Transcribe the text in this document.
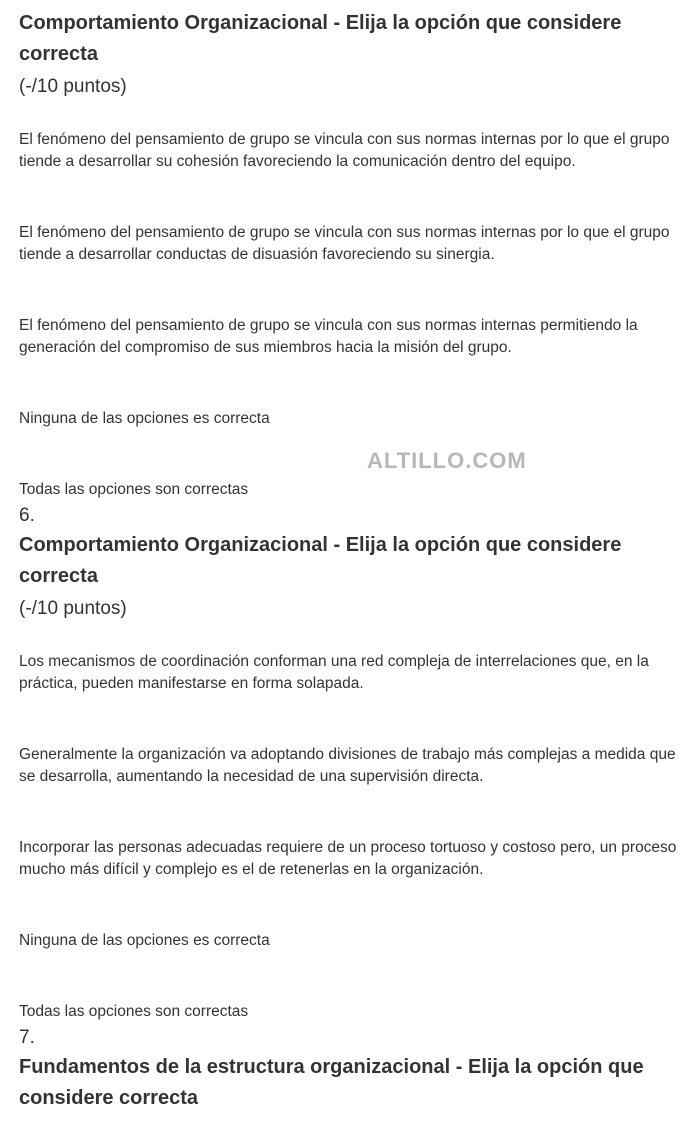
Comportamiento Organizacional - Elija la opción que considere correcta

(-/10 puntos)
El fenómeno del pensamiento de grupo se vincula con sus normas internas por lo que el grupo tiende a desarrollar su cohesión favoreciendo la comunicación dentro del equipo.
El fenómeno del pensamiento de grupo se vincula con sus normas internas por lo que el grupo tiende a desarrollar conductas de disuasión favoreciendo su sinergia.
El fenómeno del pensamiento de grupo se vincula con sus normas internas permitiendo la generación del compromiso de sus miembros hacia la misión del grupo.
Ninguna de las opciones es correcta
Todas las opciones son correctas
6.

Comportamiento Organizacional - Elija la opción que considere correcta

(-/10 puntos)
Los mecanismos de coordinación conforman una red compleja de interrelaciones que, en la práctica, pueden manifestarse en forma solapada.
Generalmente la organización va adoptando divisiones de trabajo más complejas a medida que se desarrolla, aumentando la necesidad de una supervisión directa.
Incorporar las personas adecuadas requiere de un proceso tortuoso y costoso pero, un proceso mucho más difícil y complejo es el de retenerlas en la organización.
Ninguna de las opciones es correcta
Todas las opciones son correctas
7.

Fundamentos de la estructura organizacional - Elija la opción que considere correcta

ALTILLO.COM
